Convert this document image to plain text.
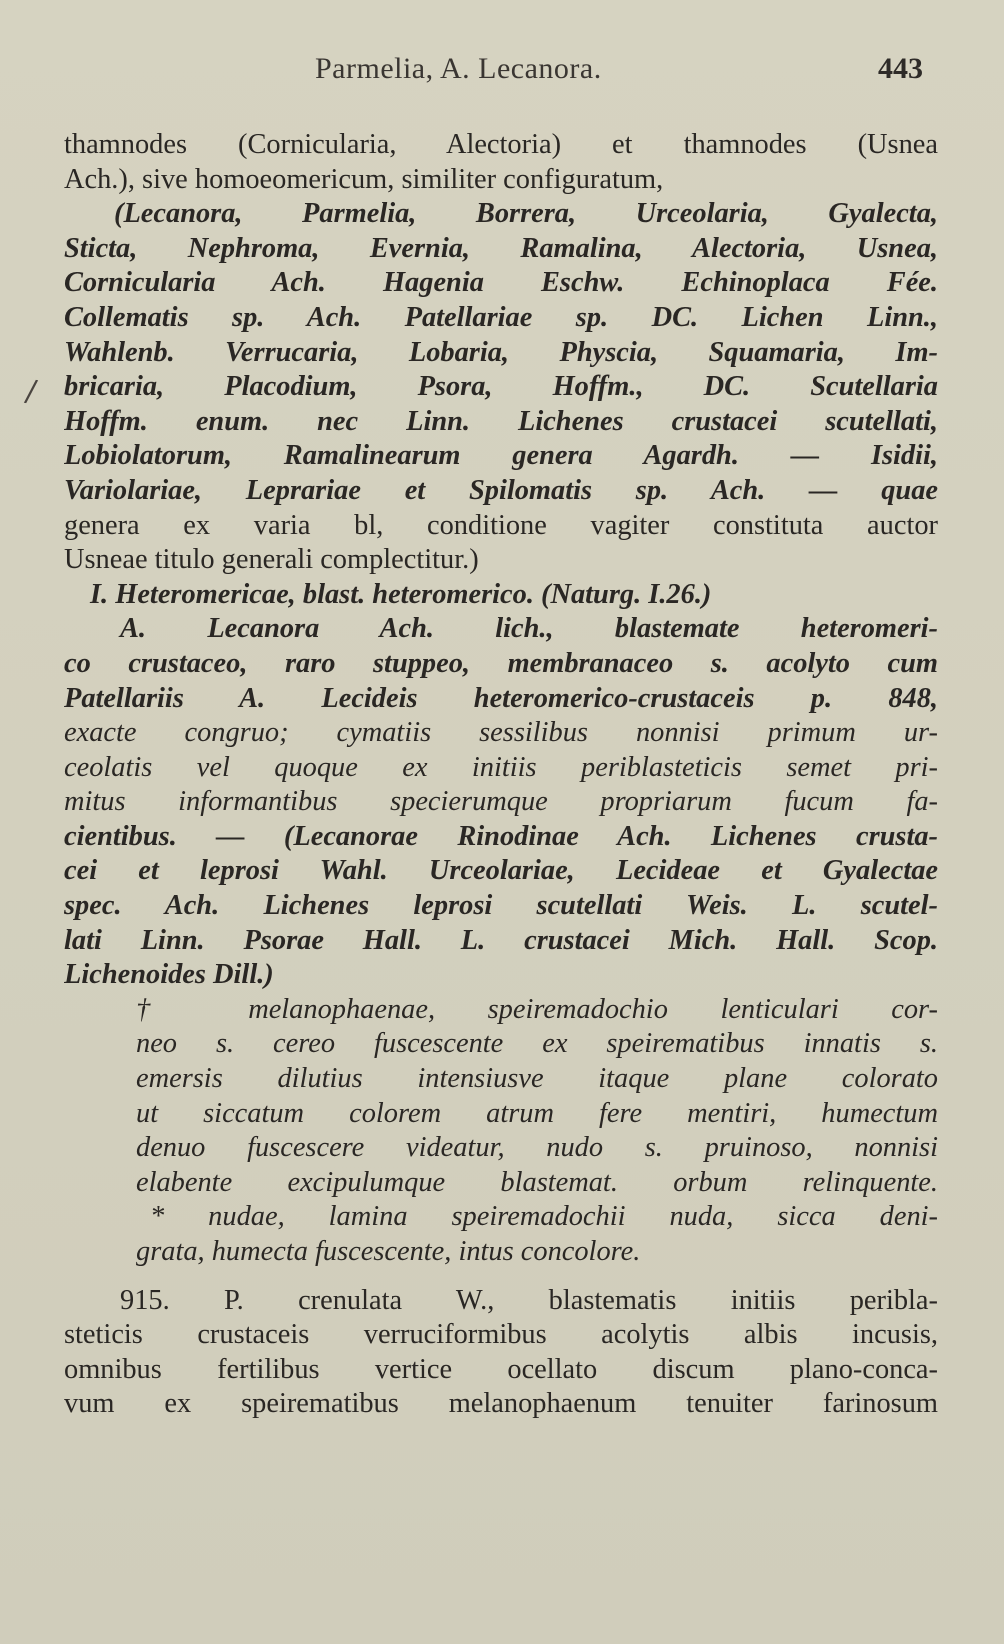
Parmelia, A. Lecanora.	443
/
thamnodes (Cornicularia, Alectoria) et thamnodes (Usnea
Ach.), sive homoeomericum, similiter configuratum,
(Lecanora, Parmelia, Borrera, Urceolaria, Gyalecta,
Sticta, Nephroma, Evernia, Ramalina, Alectoria, Usnea,
Cornicularia Ach. Hagenia Eschw. Echinoplaca Fée.
Collematis sp. Ach. Patellariae sp. DC. Lichen Linn.,
Wahlenb. Verrucaria, Lobaria, Physcia, Squamaria, Im-
bricaria, Placodium, Psora, Hoffm., DC. Scutellaria
Hoffm. enum. nec Linn. Lichenes crustacei scutellati,
Lobiolatorum, Ramalinearum genera Agardh. — Isidii,
Variolariae, Leprariae et Spilomatis sp. Ach. — quae
genera ex varia bl, conditione vagiter constituta auctor
Usneae titulo generali complectitur.)
I. Heteromericae, blast. heteromerico. (Naturg. I.26.)
A. Lecanora Ach. lich., blastemate heteromeri-
co crustaceo, raro stuppeo, membranaceo s. acolyto cum
Patellariis A. Lecideis heteromerico-crustaceis p. 848,
exacte congruo; cymatiis sessilibus nonnisi primum ur-
ceolatis vel quoque ex initiis periblasteticis semet pri-
mitus informantibus specierumque propriarum fucum fa-
cientibus. — (Lecanorae Rinodinae Ach. Lichenes crusta-
cei et leprosi Wahl. Urceolariae, Lecideae et Gyalectae
spec. Ach. Lichenes leprosi scutellati Weis. L. scutel-
lati Linn. Psorae Hall. L. crustacei Mich. Hall. Scop.
Lichenoides Dill.)
† melanophaenae, speiremadochio lenticulari cor-
neo s. cereo fuscescente ex speirematibus innatis s.
emersis dilutius intensiusve itaque plane colorato
ut siccatum colorem atrum fere mentiri, humectum
denuo fuscescere videatur, nudo s. pruinoso, nonnisi
elabente excipulumque blastemat. orbum relinquente.
* nudae, lamina speiremadochii nuda, sicca deni-
grata, humecta fuscescente, intus concolore.
915. P. crenulata W., blastematis initiis peribla-
steticis crustaceis verruciformibus acolytis albis incusis,
omnibus fertilibus vertice ocellato discum plano-conca-
vum ex speirematibus melanophaenum tenuiter farinosum
